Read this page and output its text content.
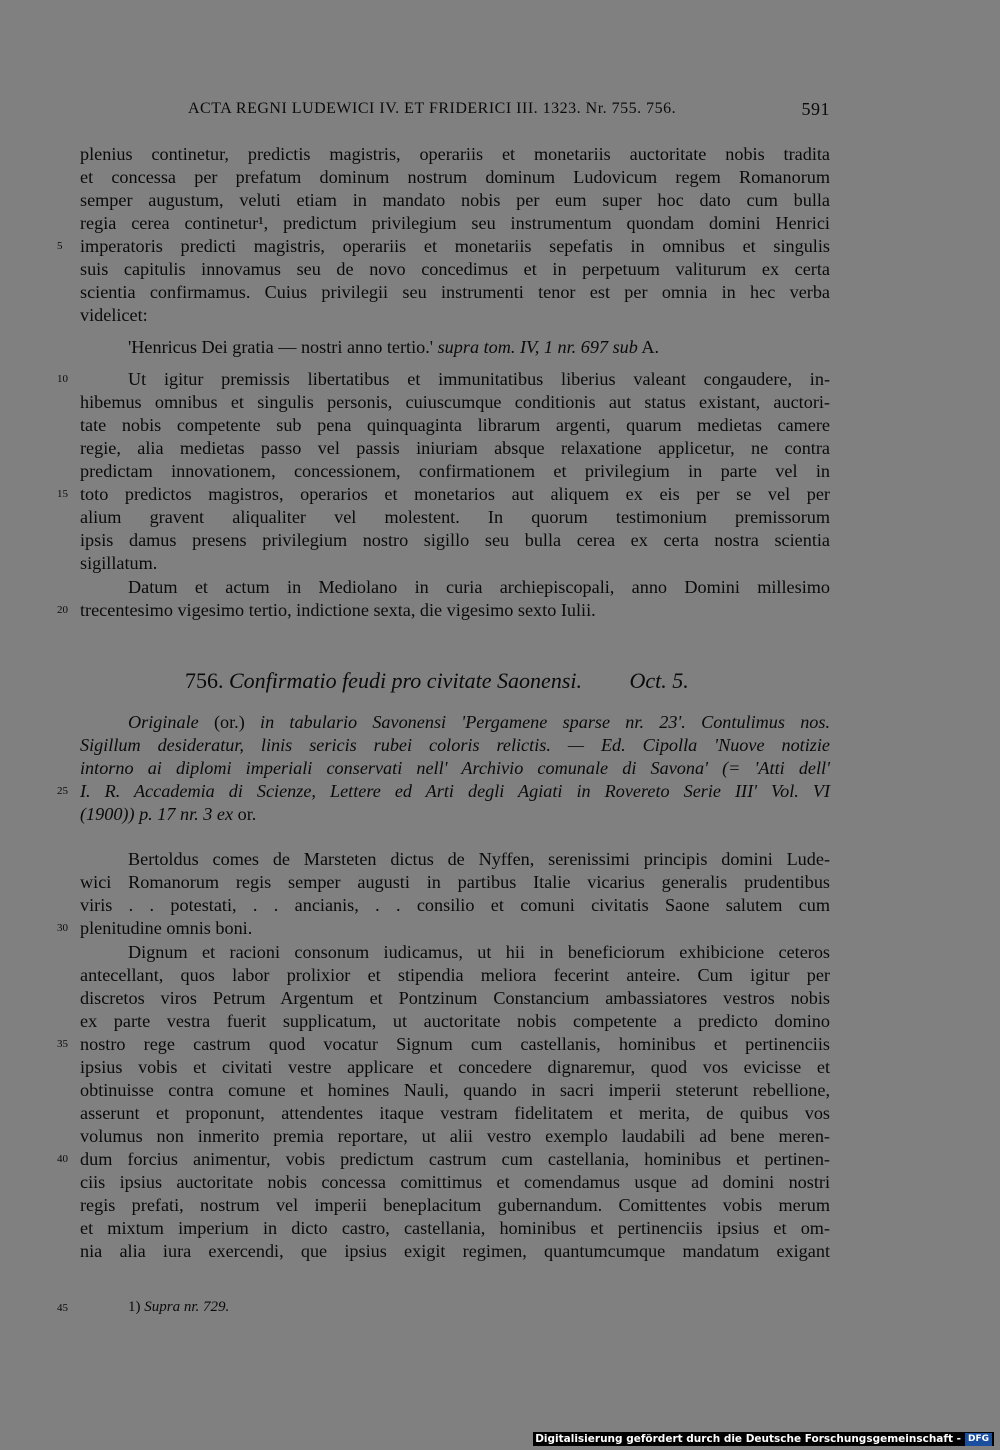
ACTA REGNI LUDEWICI IV. ET FRIDERICI III. 1323. Nr. 755. 756.	591
plenius continetur, predictis magistris, operariis et monetariis auctoritate nobis tradita
et concessa per prefatum dominum nostrum dominum Ludovicum regem Romanorum
semper augustum, veluti etiam in mandato nobis per eum super hoc dato cum bulla
regia cerea continetur¹, predictum privilegium seu instrumentum quondam domini Henrici
imperatoris predicti magistris, operariis et monetariis sepefatis in omnibus et singulis
suis capitulis innovamus seu de novo concedimus et in perpetuum valiturum ex certa
scientia confirmamus. Cuius privilegii seu instrumenti tenor est per omnia in hec verba
videlicet:
'Henricus Dei gratia — nostri anno tertio.' supra tom. IV, 1 nr. 697 sub A.
Ut igitur premissis libertatibus et immunitatibus liberius valeant congaudere, in-
hibemus omnibus et singulis personis, cuiuscumque conditionis aut status existant, auctori-
tate nobis competente sub pena quinquaginta librarum argenti, quarum medietas camere
regie, alia medietas passo vel passis iniuriam absque relaxatione applicetur, ne contra
predictam innovationem, concessionem, confirmationem et privilegium in parte vel in
toto predictos magistros, operarios et monetarios aut aliquem ex eis per se vel per
alium gravent aliqualiter vel molestent. In quorum testimonium premissorum
ipsis damus presens privilegium nostro sigillo seu bulla cerea ex certa nostra scientia
sigillatum.
Datum et actum in Mediolano in curia archiepiscopali, anno Domini millesimo
trecentesimo vigesimo tertio, indictione sexta, die vigesimo sexto Iulii.
756. Confirmatio feudi pro civitate Saonensi. Oct. 5.
Originale (or.) in tabulario Savonensi 'Pergamene sparse nr. 23'. Contulimus nos.
Sigillum desideratur, linis sericis rubei coloris relictis. — Ed. Cipolla 'Nuove notizie
intorno ai diplomi imperiali conservati nell' Archivio comunale di Savona' (= 'Atti dell'
I. R. Accademia di Scienze, Lettere ed Arti degli Agiati in Rovereto Serie III' Vol. VI
(1900)) p. 17 nr. 3 ex or.
Bertoldus comes de Marsteten dictus de Nyffen, serenissimi principis domini Lude-
wici Romanorum regis semper augusti in partibus Italie vicarius generalis prudentibus
viris . . potestati, . . ancianis, . . consilio et comuni civitatis Saone salutem cum
plenitudine omnis boni.
Dignum et racioni consonum iudicamus, ut hii in beneficiorum exhibicione ceteros
antecellant, quos labor prolixior et stipendia meliora fecerint anteire. Cum igitur per
discretos viros Petrum Argentum et Pontzinum Constancium ambassiatores vestros nobis
ex parte vestra fuerit supplicatum, ut auctoritate nobis competente a predicto domino
nostro rege castrum quod vocatur Signum cum castellanis, hominibus et pertinenciis
ipsius vobis et civitati vestre applicare et concedere dignaremur, quod vos evicisse et
obtinuisse contra comune et homines Nauli, quando in sacri imperii steterunt rebellione,
asserunt et proponunt, attendentes itaque vestram fidelitatem et merita, de quibus vos
volumus non inmerito premia reportare, ut alii vestro exemplo laudabili ad bene meren-
dum forcius animentur, vobis predictum castrum cum castellania, hominibus et pertinen-
ciis ipsius auctoritate nobis concessa comittimus et comendamus usque ad domini nostri
regis prefati, nostrum vel imperii beneplacitum gubernandum. Comittentes vobis merum
et mixtum imperium in dicto castro, castellania, hominibus et pertinenciis ipsius et om-
nia alia iura exercendi, que ipsius exigit regimen, quantumcumque mandatum exigant
5
10
15
20
25
30
35
40
45	1) Supra nr. 729.
Digitalisierung gefördert durch die Deutsche Forschungsgemeinschaft - DFG
